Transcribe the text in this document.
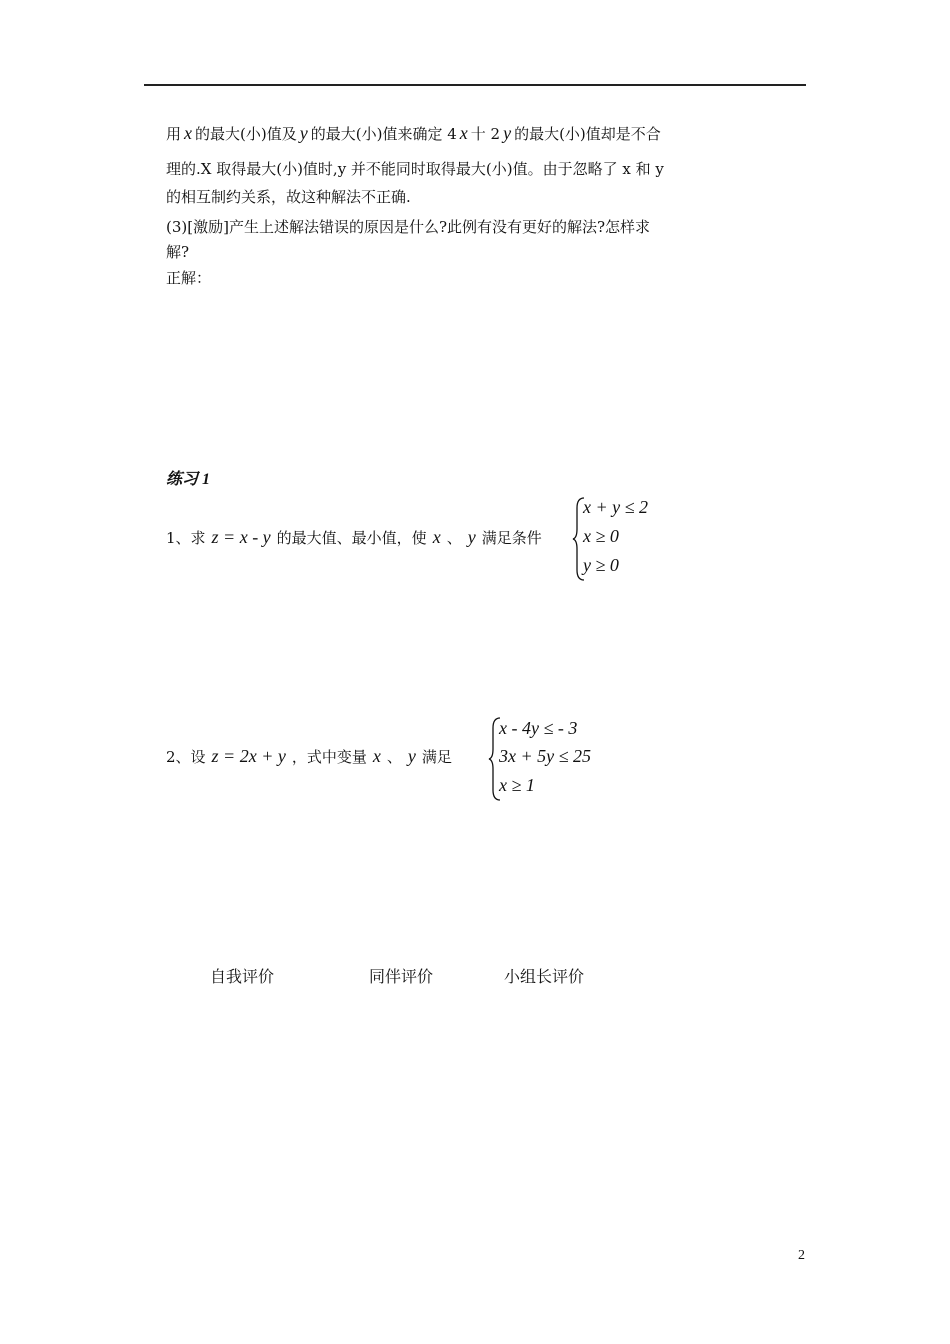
用 x 的最大(小)值及 y 的最大(小)值来确定 4 x 十 2 y 的最大(小)值却是不合
理的.X 取得最大(小)值时,y 并不能同时取得最大(小)值。由于忽略了 x 和 y
的相互制约关系，故这种解法不正确.
(3)[激励]产生上述解法错误的原因是什么?此例有没有更好的解法?怎样求
解?
正解：
练习 1
1、求 z = x - y 的最大值、最小值，使 x 、 y 满足条件
x + y ≤ 2
x ≥ 0
y ≥ 0
2、设 z = 2x + y ，式中变量 x 、 y 满足
x - 4y ≤ - 3
3x + 5y ≤ 25
x ≥ 1
自我评价	同伴评价	小组长评价
2
